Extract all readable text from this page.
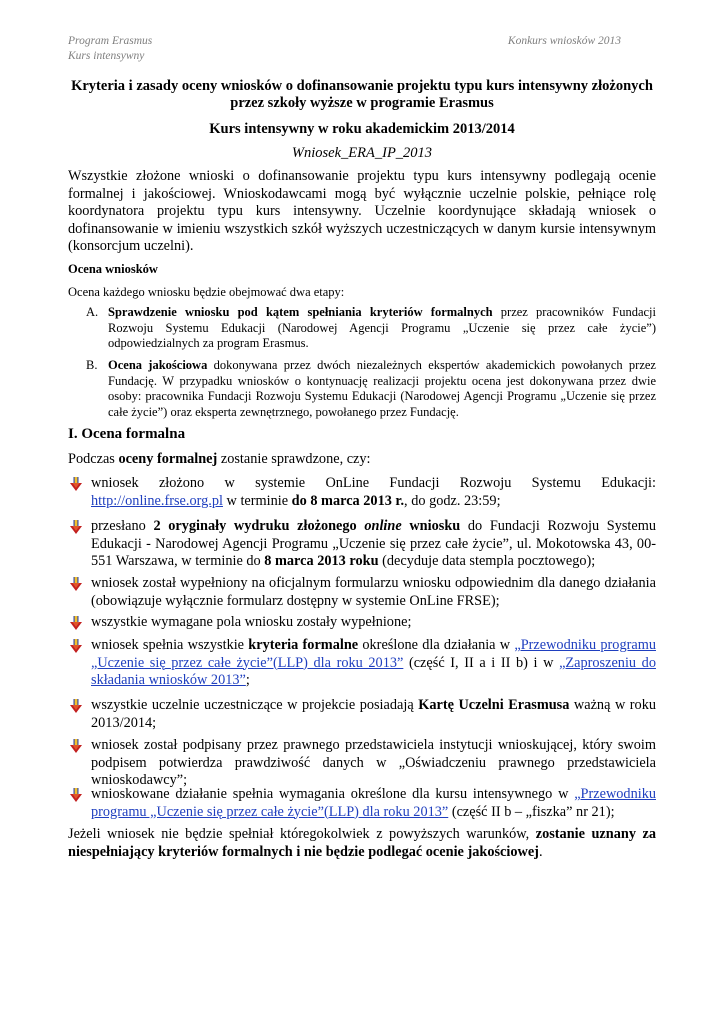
Program Erasmus
Kurs intensywny
Konkurs wniosków 2013
Kryteria i zasady oceny wniosków o dofinansowanie projektu typu kurs intensywny złożonych przez szkoły wyższe w programie Erasmus
Kurs intensywny w roku akademickim 2013/2014
Wniosek_ERA_IP_2013
Wszystkie złożone wnioski o dofinansowanie projektu typu kurs intensywny podlegają ocenie formalnej i jakościowej. Wnioskodawcami mogą być wyłącznie uczelnie polskie, pełniące rolę koordynatora projektu typu kurs intensywny. Uczelnie koordynujące składają wniosek o dofinansowanie w imieniu wszystkich szkół wyższych uczestniczących w danym kursie intensywnym (konsorcjum uczelni).
Ocena wniosków
Ocena każdego wniosku będzie obejmować dwa etapy:
A. Sprawdzenie wniosku pod kątem spełniania kryteriów formalnych przez pracowników Fundacji Rozwoju Systemu Edukacji (Narodowej Agencji Programu „Uczenie się przez całe życie”) odpowiedzialnych za program Erasmus.
B. Ocena jakościowa dokonywana przez dwóch niezależnych ekspertów akademickich powołanych przez Fundację. W przypadku wniosków o kontynuację realizacji projektu ocena jest dokonywana przez dwie osoby: pracownika Fundacji Rozwoju Systemu Edukacji (Narodowej Agencji Programu „Uczenie się przez całe życie”) oraz eksperta zewnętrznego, powołanego przez Fundację.
I. Ocena formalna
Podczas oceny formalnej zostanie sprawdzone, czy:
wniosek złożono w systemie OnLine Fundacji Rozwoju Systemu Edukacji: http://online.frse.org.pl w terminie do 8 marca 2013 r., do godz. 23:59;
przesłano 2 oryginały wydruku złożonego online wniosku do Fundacji Rozwoju Systemu Edukacji - Narodowej Agencji Programu „Uczenie się przez całe życie”, ul. Mokotowska 43, 00-551 Warszawa, w terminie do 8 marca 2013 roku (decyduje data stempla pocztowego);
wniosek został wypełniony na oficjalnym formularzu wniosku odpowiednim dla danego działania (obowiązuje wyłącznie formularz dostępny w systemie OnLine FRSE);
wszystkie wymagane pola wniosku zostały wypełnione;
wniosek spełnia wszystkie kryteria formalne określone dla działania w „Przewodniku programu „Uczenie się przez całe życie”(LLP) dla roku 2013” (część I, II a i II b) i w „Zaproszeniu do składania wniosków 2013”;
wszystkie uczelnie uczestniczące w projekcie posiadają Kartę Uczelni Erasmusa ważną w roku 2013/2014;
wniosek został podpisany przez prawnego przedstawiciela instytucji wnioskującej, który swoim podpisem potwierdza prawdziwość danych w „Oświadczeniu prawnego przedstawiciela wnioskodawcy”;
wnioskowane działanie spełnia wymagania określone dla kursu intensywnego w „Przewodniku programu „Uczenie się przez całe życie”(LLP) dla roku 2013” (część II b – „fiszka” nr 21);
Jeżeli wniosek nie będzie spełniał któregokolwiek z powyższych warunków, zostanie uznany za niespełniający kryteriów formalnych i nie będzie podlegać ocenie jakościowej.
